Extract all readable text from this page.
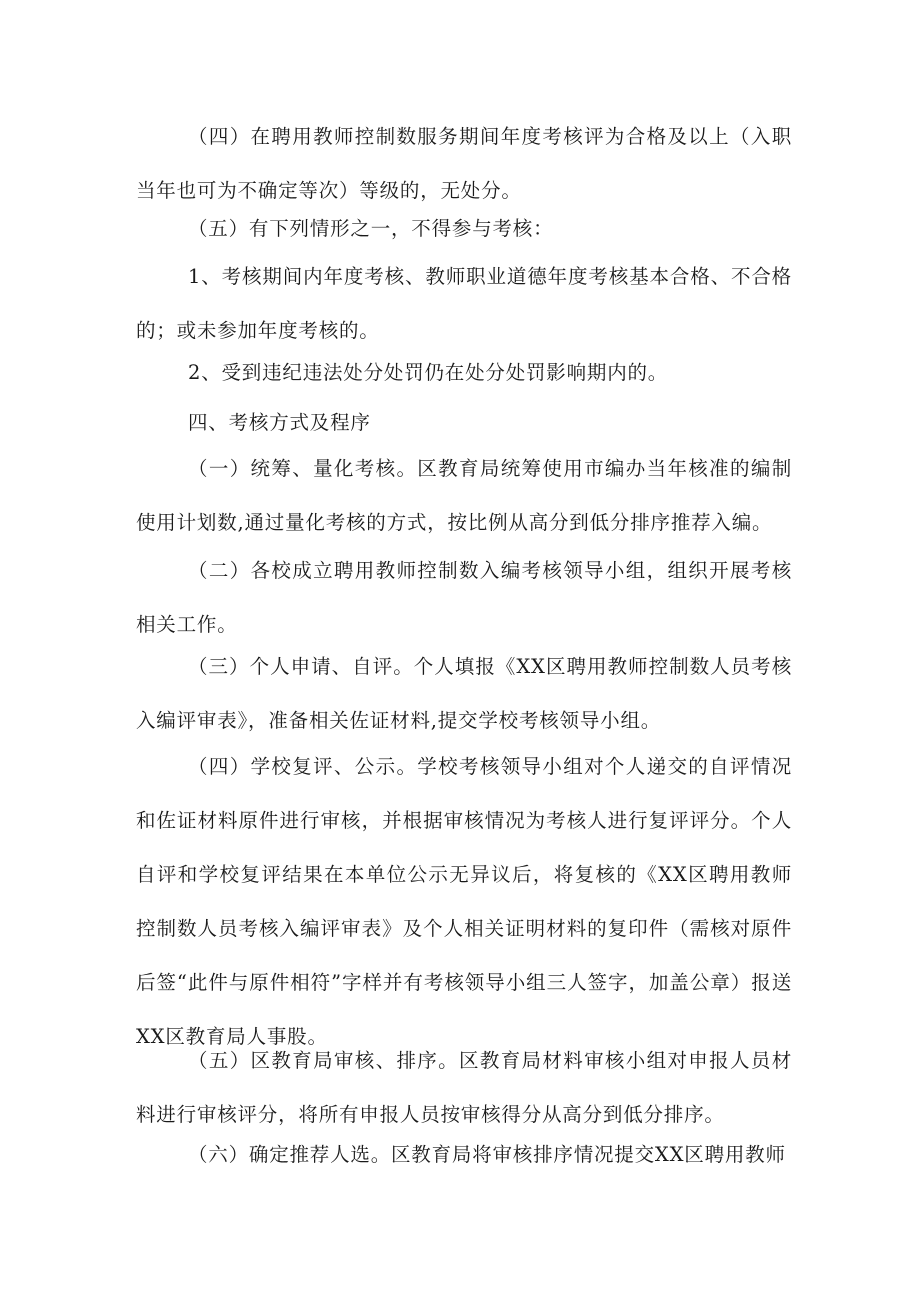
（四）在聘用教师控制数服务期间年度考核评为合格及以上（入职当年也可为不确定等次）等级的，无处分。

（五）有下列情形之一，不得参与考核：

1、考核期间内年度考核、教师职业道德年度考核基本合格、不合格的；或未参加年度考核的。

2、受到违纪违法处分处罚仍在处分处罚影响期内的。

四、考核方式及程序

（一）统筹、量化考核。区教育局统筹使用市编办当年核准的编制使用计划数,通过量化考核的方式，按比例从高分到低分排序推荐入编。

（二）各校成立聘用教师控制数入编考核领导小组，组织开展考核相关工作。

（三）个人申请、自评。个人填报《XX区聘用教师控制数人员考核入编评审表》，准备相关佐证材料,提交学校考核领导小组。

（四）学校复评、公示。学校考核领导小组对个人递交的自评情况和佐证材料原件进行审核，并根据审核情况为考核人进行复评评分。个人自评和学校复评结果在本单位公示无异议后，将复核的《XX区聘用教师控制数人员考核入编评审表》及个人相关证明材料的复印件（需核对原件后签“此件与原件相符”字样并有考核领导小组三人签字，加盖公章）报送XX区教育局人事股。

（五）区教育局审核、排序。区教育局材料审核小组对申报人员材料进行审核评分，将所有申报人员按审核得分从高分到低分排序。

（六）确定推荐人选。区教育局将审核排序情况提交XX区聘用教师
